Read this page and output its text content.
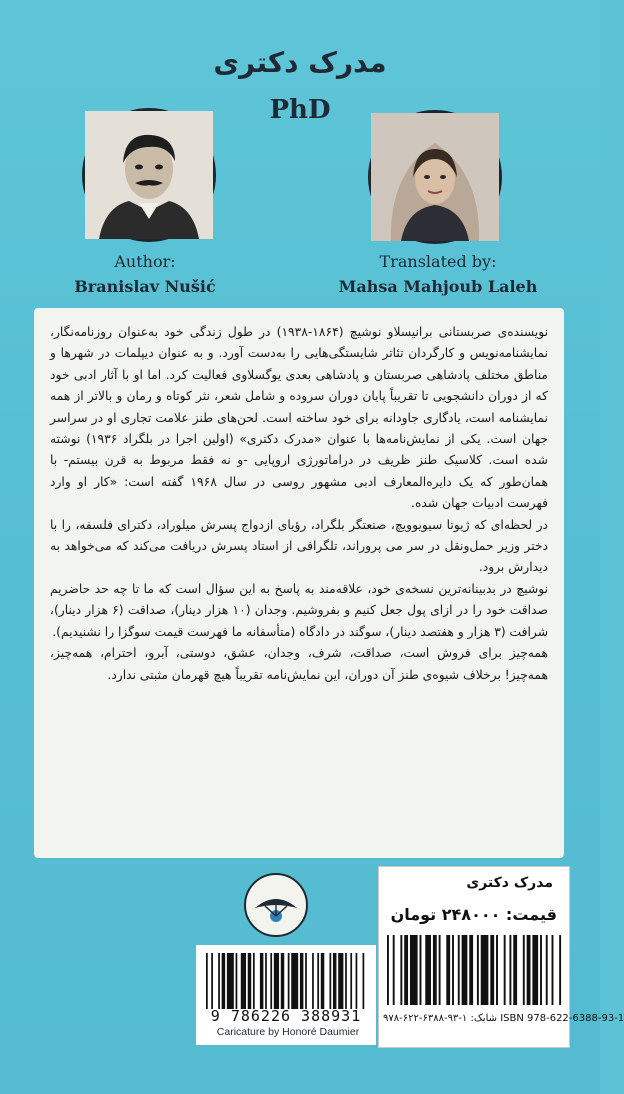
مدرک دکتری
PhD
Author:
Branislav Nušić
Translated by:
Mahsa Mahjoub Laleh

نویسنده‌ی صربستانی برانیسلاو نوشیچ (۱۸۶۴-۱۹۳۸) در طول زندگی خود به‌عنوان روزنامه‌نگار، نمایشنامه‌نویس و کارگردان تئاتر شایستگی‌هایی را به‌دست آورد. و به عنوان دیپلمات در شهرها و مناطق مختلف پادشاهی صربستان و پادشاهی بعدی یوگسلاوی فعالیت کرد. اما او با آثار ادبی خود که از دوران دانشجویی تا تقریباً پایان دوران سروده و شامل شعر، نثر کوتاه و رمان و بالاتر از همه نمایشنامه است، یادگاری جاودانه برای خود ساخته است. لحن‌های طنز علامت تجاری او در سراسر جهان است. یکی از نمایش‌نامه‌ها با عنوان «مدرک دکتری» (اولین اجرا در بلگراد ۱۹۳۶) نوشته شده است. کلاسیک طنز ظریف در دراماتورژی اروپایی -و نه فقط مربوط به قرن بیستم- با همان‌طور که یک دایره‌المعارف ادبی مشهور روسی در سال ۱۹۶۸ گفته است: «کار او وارد فهرست ادبیات جهان شده.

در لحظه‌ای که ژیوتا سیویوویچ، صنعتگر بلگراد، رؤیای ازدواج پسرش میلوراد، دکترای فلسفه، را با دختر وزیر حمل‌ونقل در سر می پروراند، تلگرافی از استاد پسرش دریافت می‌کند که می‌خواهد به دیدارش برود.

نوشیچ در بدبینانه‌ترین نسخه‌ی خود، علاقه‌مند به پاسخ به این سؤال است که ما تا چه حد حاضریم صداقت خود را در ازای پول جعل کنیم و بفروشیم. وجدان (۱۰ هزار دینار)، صداقت (۶ هزار دینار)، شرافت (۳ هزار و هفتصد دینار)، سوگند در دادگاه (متأسفانه ما فهرست قیمت سوگزا را نشنیدیم).

همه‌چیز برای فروش است، صداقت، شرف، وجدان، عشق، دوستی، آبرو، احترام، همه‌چیز، همه‌چیز! برخلاف شیوه‌ی طنز آن دوران، این نمایش‌نامه تقریباً هیچ قهرمان مثبتی ندارد.

9 786226 388931
Caricature by Honoré Daumier
مدرک دکتری
قیمت: ۲۴۸۰۰۰ تومان
شابک: ۱-۹۳-۶۳۸۸-۶۲۲-۹۷۸ ISBN 978-622-6388-93-1
